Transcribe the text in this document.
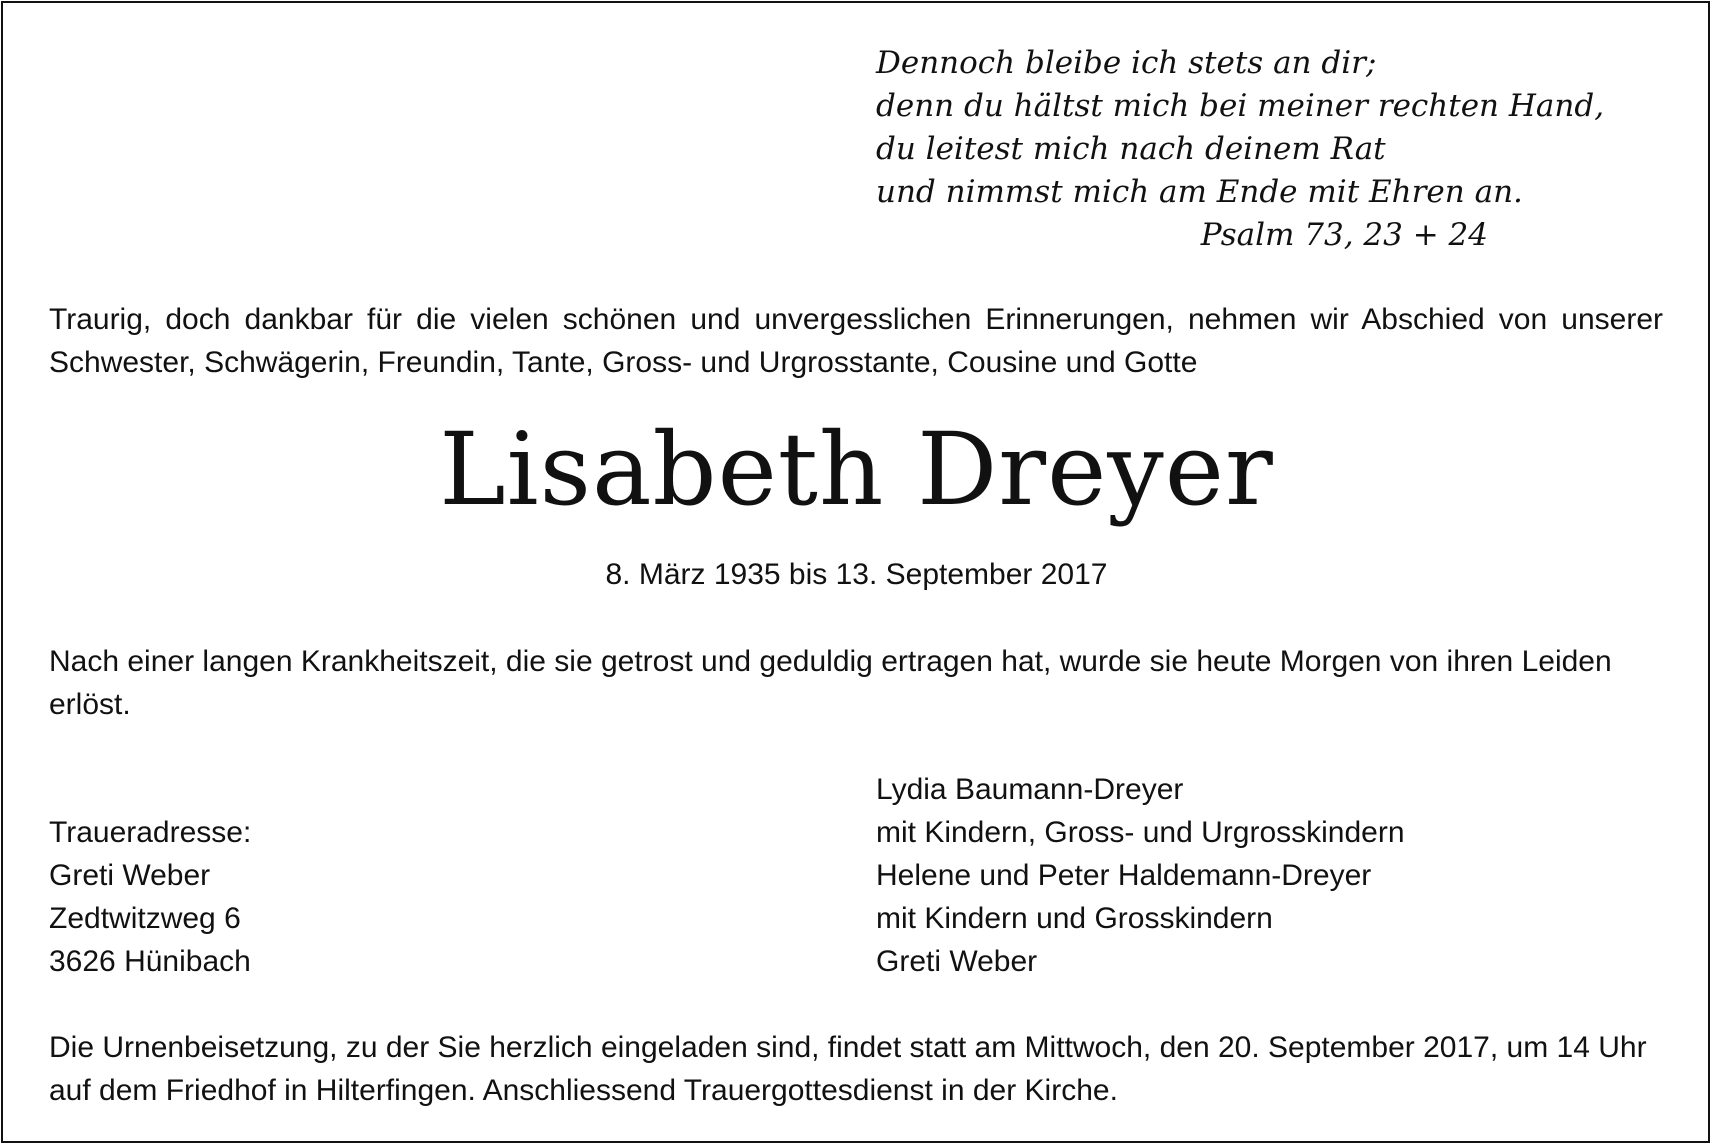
Dennoch bleibe ich stets an dir;
denn du hältst mich bei meiner rechten Hand,
du leitest mich nach deinem Rat
und nimmst mich am Ende mit Ehren an.
Psalm 73, 23 + 24
Traurig, doch dankbar für die vielen schönen und unvergesslichen Erinnerungen, nehmen wir Abschied von unserer Schwester, Schwägerin, Freundin, Tante, Gross- und Urgrosstante, Cousine und Gotte
Lisabeth Dreyer
8. März 1935 bis 13. September 2017
Nach einer langen Krankheitszeit, die sie getrost und geduldig ertragen hat, wurde sie heute Morgen von ihren Leiden erlöst.
Traueradresse:
Greti Weber
Zedtwitzweg 6
3626 Hünibach
Lydia Baumann-Dreyer
mit Kindern, Gross- und Urgrosskindern
Helene und Peter Haldemann-Dreyer
mit Kindern und Grosskindern
Greti Weber
Die Urnenbeisetzung, zu der Sie herzlich eingeladen sind, findet statt am Mittwoch, den 20. September 2017, um 14 Uhr auf dem Friedhof in Hilterfingen. Anschliessend Trauergottesdienst in der Kirche.
